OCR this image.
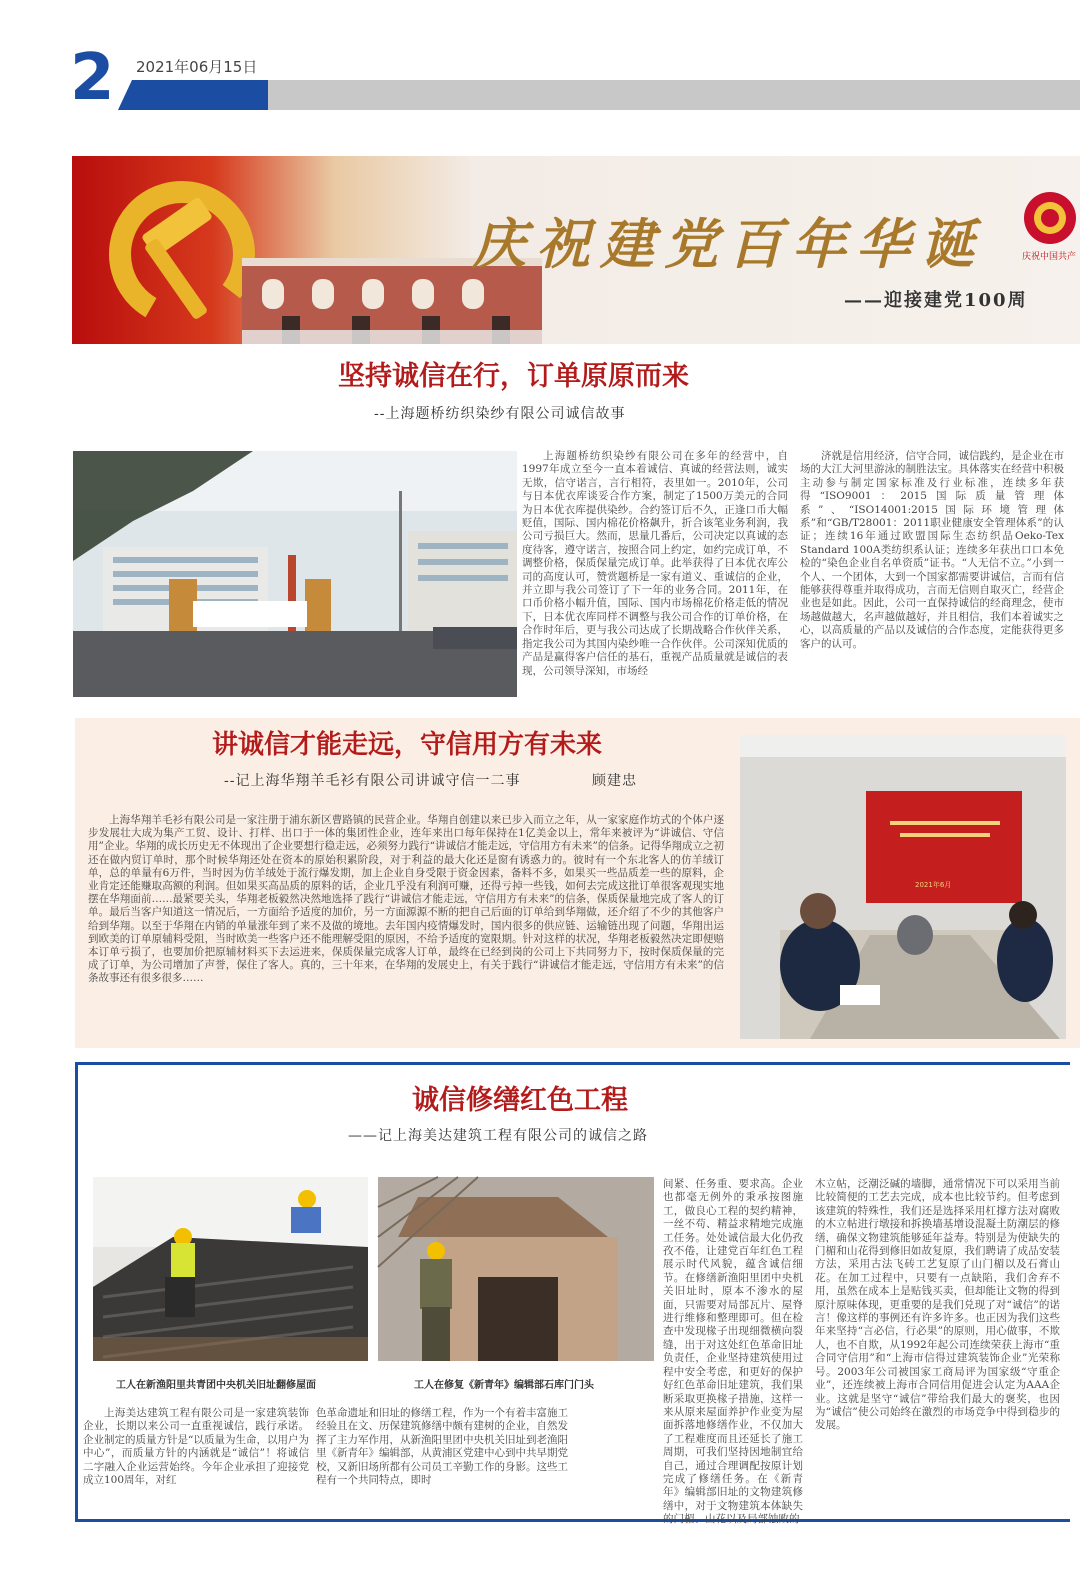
2	2021年06月15日
庆祝建党百年华诞
——迎接建党100周
庆祝中国共产
坚持诚信在行，订单原原而来
--上海题桥纺织染纱有限公司诚信故事

上海题桥纺织染纱有限公司在多年的经营中，自1997年成立至今一直本着诚信、真诚的经营法则，诚实无欺，信守诺言，言行相符，表里如一。2010年，公司与日本优衣库谈妥合作方案，制定了1500万美元的合同为日本优衣库提供染纱。合约签订后不久，正逢口币大幅贬值，国际、国内棉花价格飙升，折合该笔业务利润，我公司亏损巨大。然而，思量几番后，公司决定以真诚的态度待客，遵守诺言，按照合同上约定，如约完成订单，不调整价格，保质保量完成订单。此举获得了日本优衣库公司的高度认可，赞赏题桥是一家有道义、重诚信的企业，并立即与我公司签订了下一年的业务合同。2011年，在口币价格小幅升值，国际、国内市场棉花价格走低的情况下，日本优衣库同样不调整与我公司合作的订单价格，在合作时年后，更与我公司达成了长期战略合作伙伴关系，指定我公司为其国内染纱唯一合作伙伴。公司深知优质的产品是赢得客户信任的基石，重视产品质量就是诚信的表现，公司领导深知，市场经

济就是信用经济，信守合同，诚信践约，是企业在市场的大江大河里游泳的制胜法宝。具体落实在经营中积极主动参与制定国家标准及行业标准，连续多年获得“ISO9001：2015国际质量管理体系”、“ISO14001:2015国际环境管理体系”和“GB/T28001：2011职业健康安全管理体系”的认证；连续16年通过欧盟国际生态纺织品Oeko-Tex Standard 100A类纺织系认证；连续多年获出口口本免检的“染色企业自名单资质”证书。“人无信不立。”小到一个人、一个团体，大到一个国家都需要讲诚信，言而有信能够获得尊重并取得成功，言而无信则自取灭亡，经营企业也是如此。因此，公司一直保持诚信的经商理念，使市场越做越大，名声越做越好，并且相信，我们本着诚实之心，以高质量的产品以及诚信的合作态度，定能获得更多客户的认可。

讲诚信才能走远，守信用方有未来
--记上海华翔羊毛衫有限公司讲诚守信一二事	顾建忠

上海华翔羊毛衫有限公司是一家注册于浦东新区曹路镇的民营企业。华翔自创建以来已步入而立之年，从一家家庭作坊式的个体户逐步发展壮大成为集产工贸、设计、打样、出口于一体的集团性企业，连年来出口每年保持在1亿美金以上，常年来被评为“讲诚信、守信用”企业。华翔的成长历史无不体现出了企业要想行稳走远，必须努力践行“讲诚信才能走远，守信用方有未来”的信条。记得华翔成立之初还在做内贸订单时，那个时候华翔还处在资本的原始积累阶段，对于利益的最大化还是窗有诱惑力的。彼时有一个东北客人的仿羊绒订单，总的单量有6万件，当时因为仿羊绒处于流行爆发期，加上企业自身受限于资金因素，备料不多，如果买一些品质差一些的原料，企业肯定还能赚取高额的利润。但如果买高品质的原料的话，企业几乎没有利润可赚，还得亏掉一些钱，如何去完成这批订单很客观现实地摆在华翔面前……最紧要关头，华翔老板毅然决然地选择了践行“讲诚信才能走远，守信用方有未来”的信条，保质保量地完成了客人的订单。最后当客户知道这一情况后，一方面给予适度的加价，另一方面源源不断的把自己后面的订单给到华翔做，还介绍了不少的其他客户给到华翔。以至于华翔在内销的单量涨年到了来不及做的境地。去年国内疫情爆发时，国内很多的供应链、运输链出现了问题，华翔出运到欧美的订单原辅料受阻，当时欧美一些客户还不能理解受阻的原因，不给予适度的宽限期。针对这样的状况，华翔老板毅然决定即便赔本订单亏损了，也要加价把原辅材料买下去运进来，保质保量完成客人订单，最终在已经到岗的公司上下共同努力下，按时保质保量的完成了订单，为公司增加了声誉，保住了客人。真的，三十年来，在华翔的发展史上，有关于践行“讲诚信才能走远，守信用方有未来”的信条故事还有很多很多……

2021年6月
诚信修缮红色工程
——记上海美达建筑工程有限公司的诚信之路
工人在新渔阳里共青团中央机关旧址翻修屋面	工人在修复《新青年》编辑部石库门门头

上海美达建筑工程有限公司是一家建筑装饰企业，长期以来公司一直重视诚信，践行承诺。企业制定的质量方针是“以质量为生命，以用户为中心”，而质量方针的内涵就是“诚信”！将诚信二字融入企业运营始终。今年企业承担了迎接党成立100周年，对红

色革命遗址和旧址的修缮工程，作为一个有着丰富施工经验且在文、历保建筑修缮中颇有建树的企业，自然发挥了主力军作用，从新渔阳里团中央机关旧址到老渔阳里《新青年》编辑部，从黄浦区党建中心到中共早期党校，又新旧场所都有公司员工辛勤工作的身影。这些工程有一个共同特点，即时

间紧、任务重、要求高。企业也都毫无例外的秉承按图施工，做良心工程的契约精神，一丝不苟、精益求精地完成施工任务。处处诚信最大化仍孜孜不倦，让建党百年红色工程展示时代风貌，蕴含诚信细节。在修缮新渔阳里团中央机关旧址时，原本不渗水的屋面，只需要对局部瓦片、屋脊进行维修和整理即可。但在检查中发现椽子出现细微横向裂缝，出于对这处红色革命旧址负责任，企业坚持建筑使用过程中安全考虑，和更好的保护好红色革命旧址建筑，我们果断采取更换椽子措施，这样一来从原来屋面养护作业变为屋面拆落地修缮作业，不仅加大了工程难度而且还延长了施工周期，可我们坚持因地制宜给自己，通过合理调配按原计划完成了修缮任务。在《新青年》编辑部旧址的文物建筑修缮中，对于文物建筑本体缺失的门楣、山花以及局部蚀败的

木立帖，泛潮泛碱的墙脚，通常情况下可以采用当前比较简便的工艺去完成，成本也比较节约。但考虑到该建筑的特殊性，我们还是选择采用杠撑方法对腐败的木立帖进行墩接和拆换墙基增设混凝土防潮层的修缮，确保文物建筑能够延年益寿。特别是为使缺失的门楣和山花得到修旧如故复原，我们聘请了成品安装方法，采用古法飞砖工艺复原了山门楣以及石膏山花。在加工过程中，只要有一点缺陷，我们舍弃不用，虽然在成本上是贴钱买卖，但却能让文物的得到原汁原味体现，更重要的是我们兑现了对“诚信”的诺言！像这样的事例还有许多许多。也正因为我们这些年来坚持“言必信，行必果”的原则，用心做事，不欺人，也不自欺，从1992年起公司连续荣获上海市“重合同守信用”和“上海市信得过建筑装饰企业”光荣称号。2003年公司被国家工商局评为国家级“守重企业”，还连续被上海市合同信用促进会认定为AAA企业。这就是坚守“诚信”带给我们最大的褒奖，也因为“诚信”使公司始终在激烈的市场竞争中得到稳步的发展。
